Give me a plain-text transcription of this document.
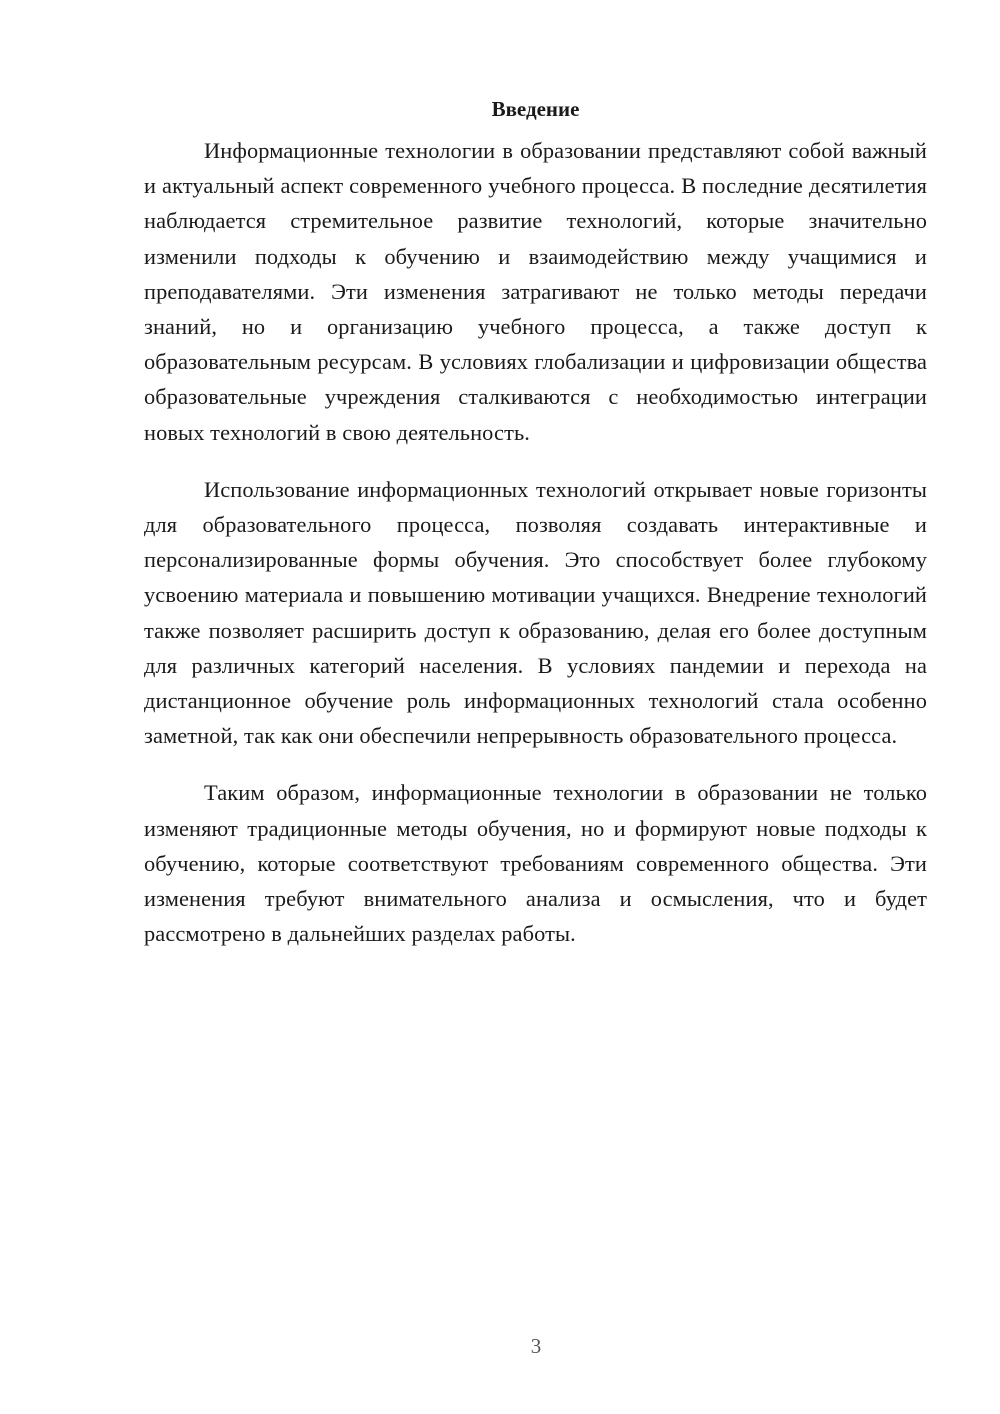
Введение

Информационные технологии в образовании представляют собой важный и актуальный аспект современного учебного процесса. В последние десятилетия наблюдается стремительное развитие технологий, которые значительно изменили подходы к обучению и взаимодействию между учащимися и преподавателями. Эти изменения затрагивают не только методы передачи знаний, но и организацию учебного процесса, а также доступ к образовательным ресурсам. В условиях глобализации и цифровизации общества образовательные учреждения сталкиваются с необходимостью интеграции новых технологий в свою деятельность.

Использование информационных технологий открывает новые горизонты для образовательного процесса, позволяя создавать интерактивные и персонализированные формы обучения. Это способствует более глубокому усвоению материала и повышению мотивации учащихся. Внедрение технологий также позволяет расширить доступ к образованию, делая его более доступным для различных категорий населения. В условиях пандемии и перехода на дистанционное обучение роль информационных технологий стала особенно заметной, так как они обеспечили непрерывность образовательного процесса.

Таким образом, информационные технологии в образовании не только изменяют традиционные методы обучения, но и формируют новые подходы к обучению, которые соответствуют требованиям современного общества. Эти изменения требуют внимательного анализа и осмысления, что и будет рассмотрено в дальнейших разделах работы.

3
